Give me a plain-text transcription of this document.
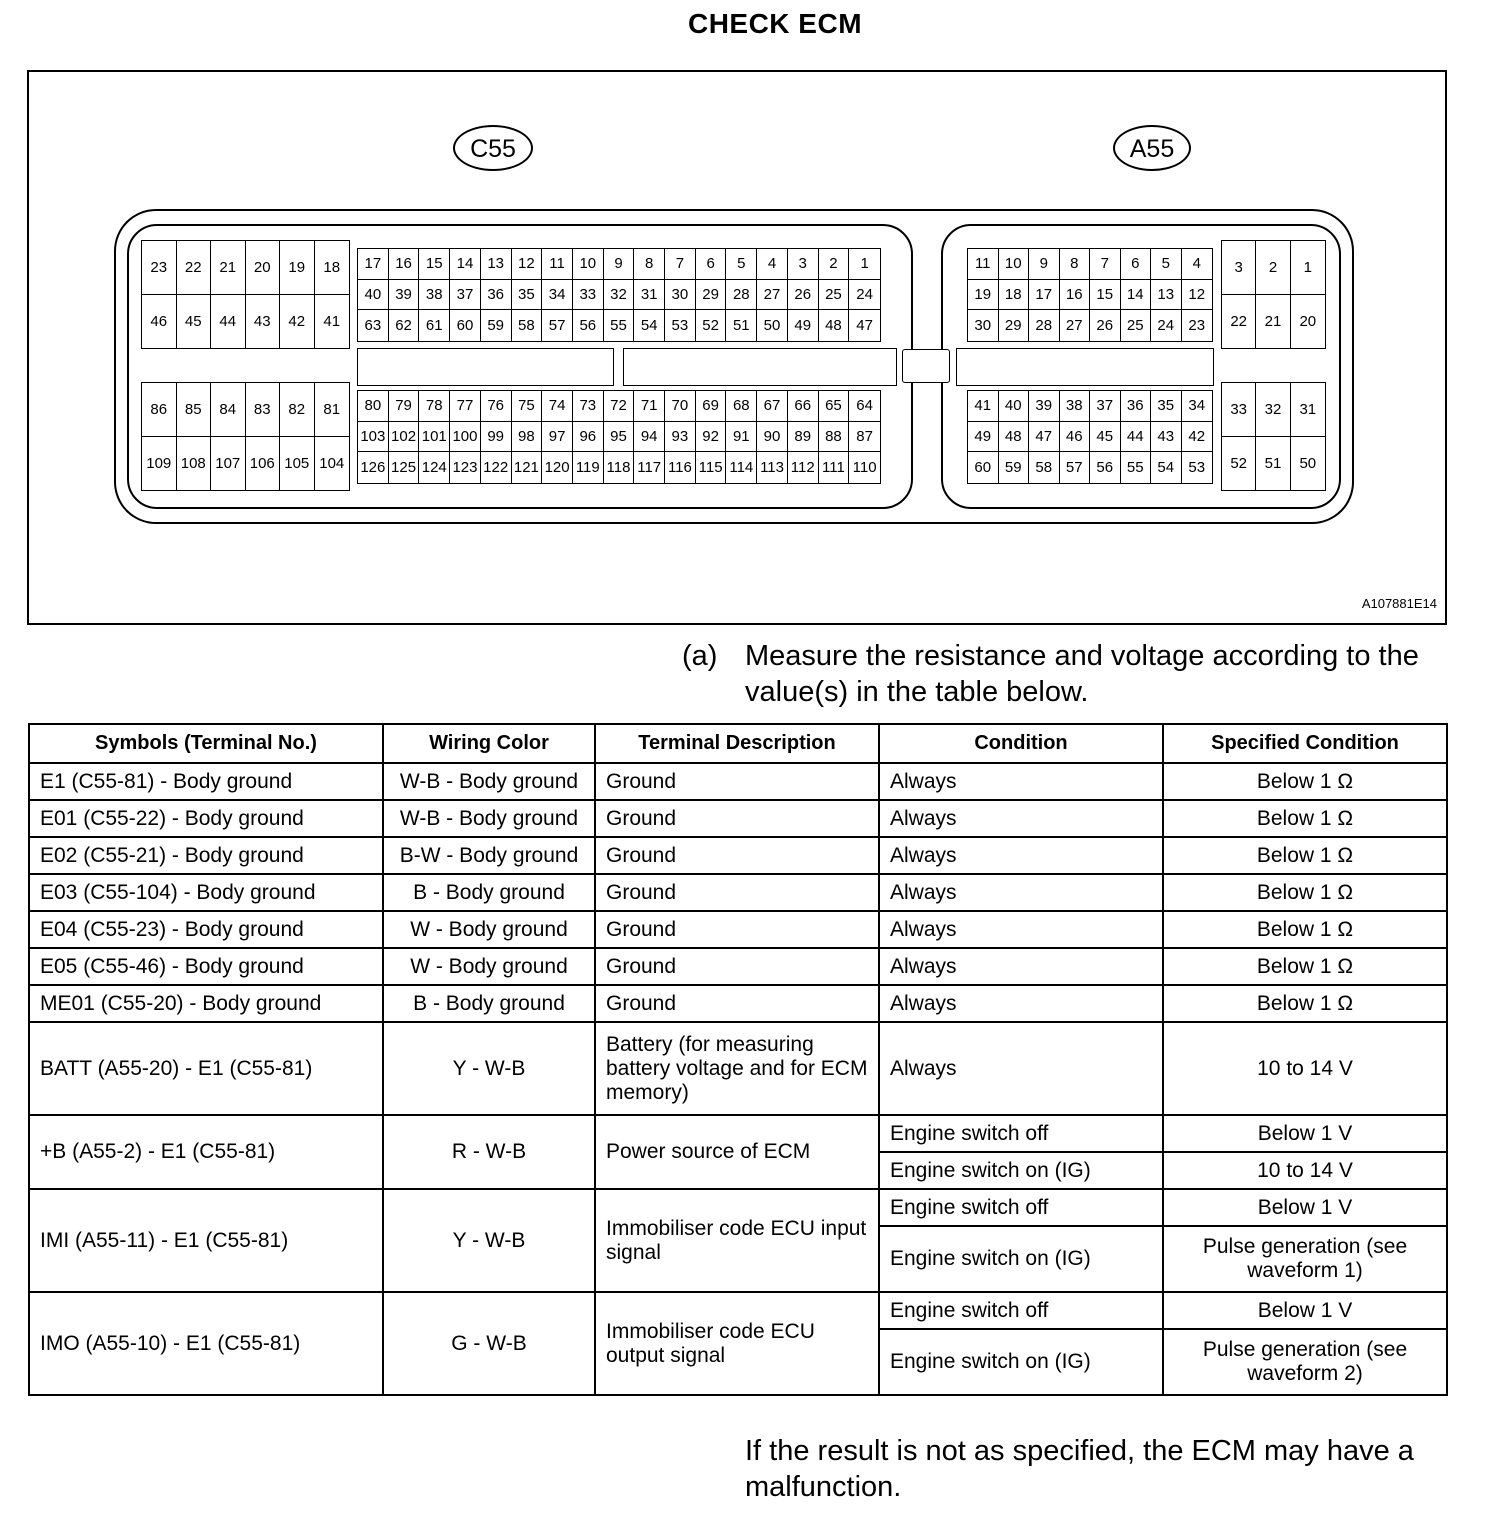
CHECK ECM
C55	A55
23	22	21	20	19	18
46	45	44	43	42	41
17 16 15 14 13 12 11 10	9	8	7	6	5	4	3	2	1
40 39 38 37 36 35 34 33 32 31 30 29 28 27 26 25 24
63 62 61 60 59 58 57 56 55 54 53 52 51 50 49 48 47
86	85	84	83	82	81
109 108 107 106 105 104
80 79 78 77 76 75 74 73 72 71 70 69 68 67 66 65 64
103 102 101 100 99 98 97 96 95 94 93 92 91 90 89 88 87
126 125 124 123 122 121 120 119 118 117 116 115 114 113 112 111 110
11 10	9	8	7	6	5	4
19 18 17 16 15 14 13 12
30 29 28 27 26 25 24 23
3	2	1
22	21	20
41 40 39 38 37 36 35 34
49 48 47 46 45 44 43 42
60 59 58 57 56 55 54 53
33	32	31
52	51	50
A107881E14
(a) Measure the resistance and voltage according to the value(s) in the table below.
Symbols (Terminal No.)	Wiring Color	Terminal Description	Condition	Specified Condition
E1 (C55-81) - Body ground	W-B - Body ground	Ground	Always	Below 1 Ω
E01 (C55-22) - Body ground	W-B - Body ground	Ground	Always	Below 1 Ω
E02 (C55-21) - Body ground	B-W - Body ground	Ground	Always	Below 1 Ω
E03 (C55-104) - Body ground	B - Body ground	Ground	Always	Below 1 Ω
E04 (C55-23) - Body ground	W - Body ground	Ground	Always	Below 1 Ω
E05 (C55-46) - Body ground	W - Body ground	Ground	Always	Below 1 Ω
ME01 (C55-20) - Body ground	B - Body ground	Ground	Always	Below 1 Ω
BATT (A55-20) - E1 (C55-81)	Y - W-B	Battery (for measuring battery voltage and for ECM memory)	Always	10 to 14 V
+B (A55-2) - E1 (C55-81)	R - W-B	Power source of ECM	Engine switch off	Below 1 V
			Engine switch on (IG)	10 to 14 V
IMI (A55-11) - E1 (C55-81)	Y - W-B	Immobiliser code ECU input signal	Engine switch off	Below 1 V
			Engine switch on (IG)	Pulse generation (see waveform 1)
IMO (A55-10) - E1 (C55-81)	G - W-B	Immobiliser code ECU output signal	Engine switch off	Below 1 V
			Engine switch on (IG)	Pulse generation (see waveform 2)
If the result is not as specified, the ECM may have a malfunction.
